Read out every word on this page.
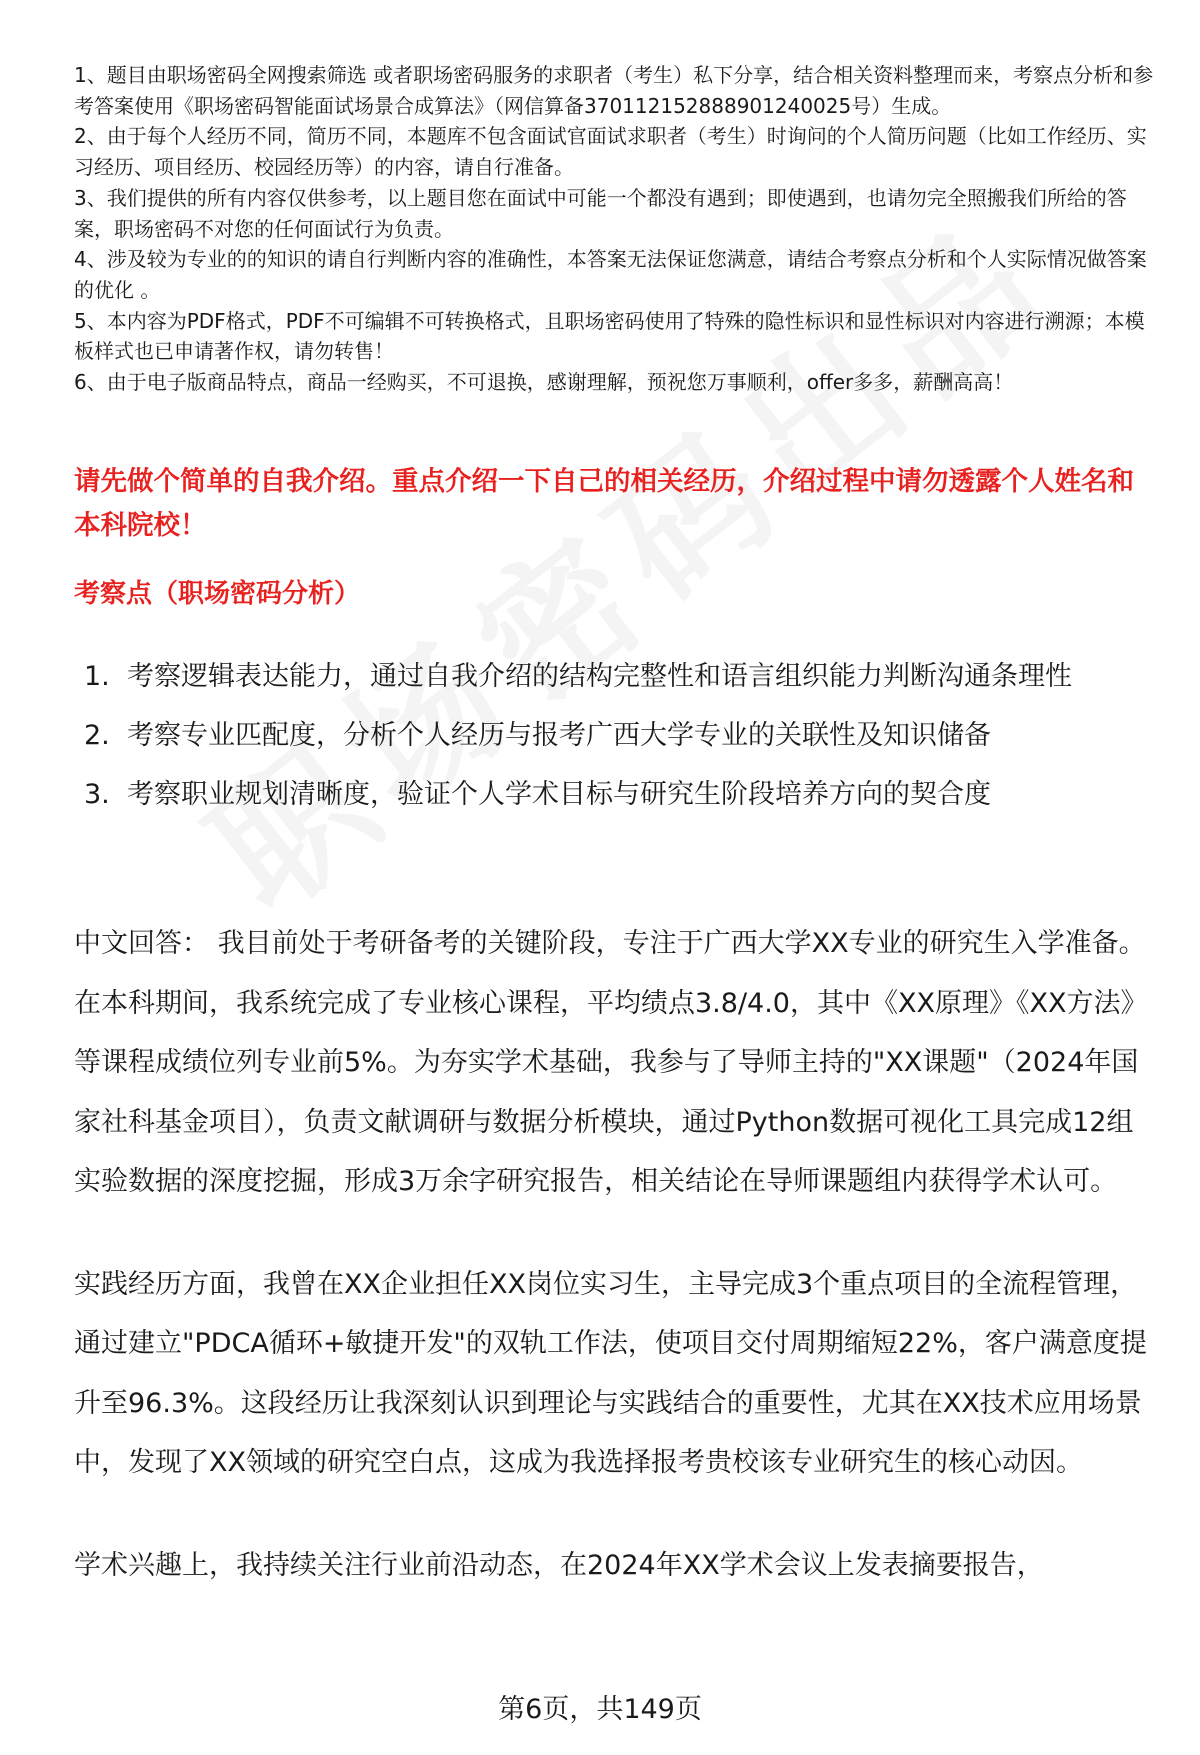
1、题目由职场密码全网搜索筛选 或者职场密码服务的求职者（考生）私下分享，结合相关资料整理而来，考察点分析和参考答案使用《职场密码智能面试场景合成算法》（网信算备370112152888901240025号）生成。

2、由于每个人经历不同，简历不同，本题库不包含面试官面试求职者（考生）时询问的个人简历问题（比如工作经历、实习经历、项目经历、校园经历等）的内容，请自行准备。

3、我们提供的所有内容仅供参考，以上题目您在面试中可能一个都没有遇到；即使遇到，也请勿完全照搬我们所给的答案，职场密码不对您的任何面试行为负责。

4、涉及较为专业的的知识的请自行判断内容的准确性，本答案无法保证您满意，请结合考察点分析和个人实际情况做答案的优化 。

5、本内容为PDF格式，PDF不可编辑不可转换格式，且职场密码使用了特殊的隐性标识和显性标识对内容进行溯源；本模板样式也已申请著作权，请勿转售！

6、由于电子版商品特点，商品一经购买，不可退换，感谢理解，预祝您万事顺利，offer多多，薪酬高高！

请先做个简单的自我介绍。重点介绍一下自己的相关经历，介绍过程中请勿透露个人姓名和本科院校！
考察点（职场密码分析）
1. 考察逻辑表达能力，通过自我介绍的结构完整性和语言组织能力判断沟通条理性
2. 考察专业匹配度，分析个人经历与报考广西大学专业的关联性及知识储备
3. 考察职业规划清晰度，验证个人学术目标与研究生阶段培养方向的契合度

中文回答： 我目前处于考研备考的关键阶段，专注于广西大学XX专业的研究生入学准备。在本科期间，我系统完成了专业核心课程，平均绩点3.8/4.0，其中《XX原理》《XX方法》等课程成绩位列专业前5%。为夯实学术基础，我参与了导师主持的"XX课题"（2024年国家社科基金项目），负责文献调研与数据分析模块，通过Python数据可视化工具完成12组实验数据的深度挖掘，形成3万余字研究报告，相关结论在导师课题组内获得学术认可。

实践经历方面，我曾在XX企业担任XX岗位实习生，主导完成3个重点项目的全流程管理，通过建立"PDCA循环+敏捷开发"的双轨工作法，使项目交付周期缩短22%，客户满意度提升至96.3%。这段经历让我深刻认识到理论与实践结合的重要性，尤其在XX技术应用场景中，发现了XX领域的研究空白点，这成为我选择报考贵校该专业研究生的核心动因。

学术兴趣上，我持续关注行业前沿动态，在2024年XX学术会议上发表摘要报告，

第6页，共149页
